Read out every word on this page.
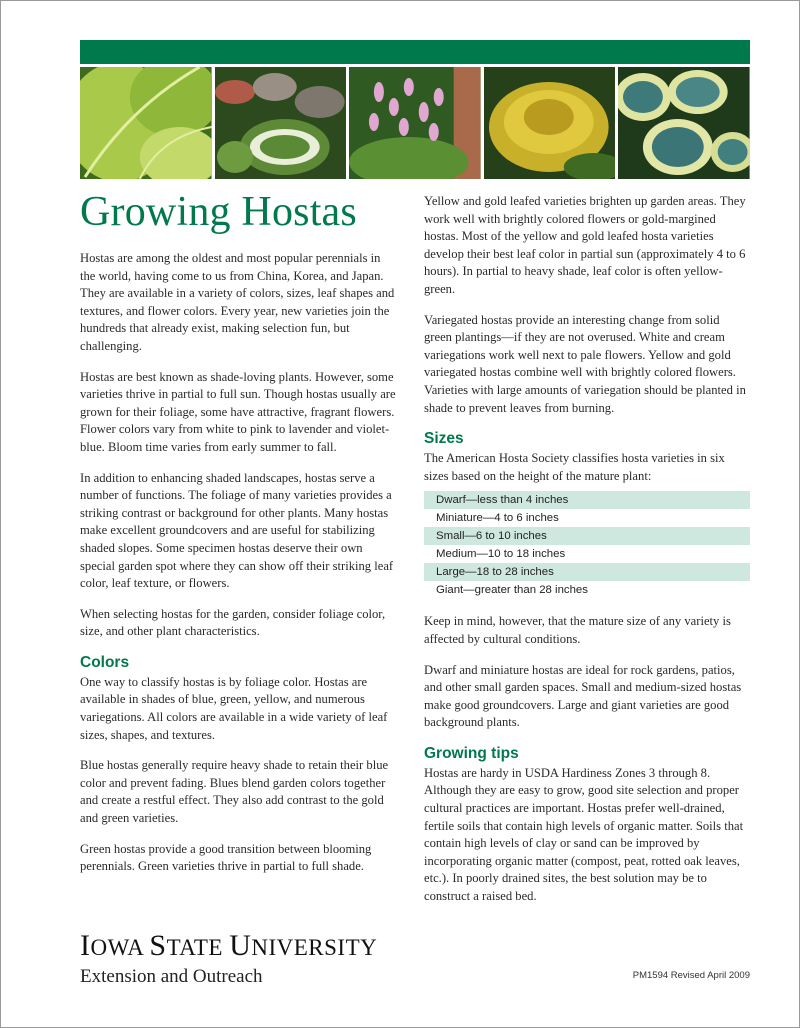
Growing Hostas

Hostas are among the oldest and most popular perennials in the world, having come to us from China, Korea, and Japan. They are available in a variety of colors, sizes, leaf shapes and textures, and flower colors. Every year, new varieties join the hundreds that already exist, making selection fun, but challenging.

Hostas are best known as shade-loving plants. However, some varieties thrive in partial to full sun. Though hostas usually are grown for their foliage, some have attractive, fragrant flowers. Flower colors vary from white to pink to lavender and violet-blue. Bloom time varies from early summer to fall.

In addition to enhancing shaded landscapes, hostas serve a number of functions. The foliage of many varieties provides a striking contrast or background for other plants. Many hostas make excellent groundcovers and are useful for stabilizing shaded slopes. Some specimen hostas deserve their own special garden spot where they can show off their striking leaf color, leaf texture, or flowers.

When selecting hostas for the garden, consider foliage color, size, and other plant characteristics.

Colors

One way to classify hostas is by foliage color. Hostas are available in shades of blue, green, yellow, and numerous variegations. All colors are available in a wide variety of leaf sizes, shapes, and textures.

Blue hostas generally require heavy shade to retain their blue color and prevent fading. Blues blend garden colors together and create a restful effect. They also add contrast to the gold and green varieties.

Green hostas provide a good transition between blooming perennials. Green varieties thrive in partial to full shade.

Yellow and gold leafed varieties brighten up garden areas. They work well with brightly colored flowers or gold-margined hostas. Most of the yellow and gold leafed hosta varieties develop their best leaf color in partial sun (approximately 4 to 6 hours). In partial to heavy shade, leaf color is often yellow-green.

Variegated hostas provide an interesting change from solid green plantings—if they are not overused. White and cream variegations work well next to pale flowers. Yellow and gold variegated hostas combine well with brightly colored flowers. Varieties with large amounts of variegation should be planted in shade to prevent leaves from burning.

Sizes

The American Hosta Society classifies hosta varieties in six sizes based on the height of the mature plant:

Dwarf—less than 4 inches
Miniature—4 to 6 inches
Small—6 to 10 inches
Medium—10 to 18 inches
Large—18 to 28 inches
Giant—greater than 28 inches

Keep in mind, however, that the mature size of any variety is affected by cultural conditions.

Dwarf and miniature hostas are ideal for rock gardens, patios, and other small garden spaces. Small and medium-sized hostas make good groundcovers. Large and giant varieties are good background plants.

Growing tips

Hostas are hardy in USDA Hardiness Zones 3 through 8. Although they are easy to grow, good site selection and proper cultural practices are important. Hostas prefer well-drained, fertile soils that contain high levels of organic matter. Soils that contain high levels of clay or sand can be improved by incorporating organic matter (compost, peat, rotted oak leaves, etc.). In poorly drained sites, the best solution may be to construct a raised bed.

IOWA STATE UNIVERSITY
Extension and Outreach	PM1594 Revised April 2009
